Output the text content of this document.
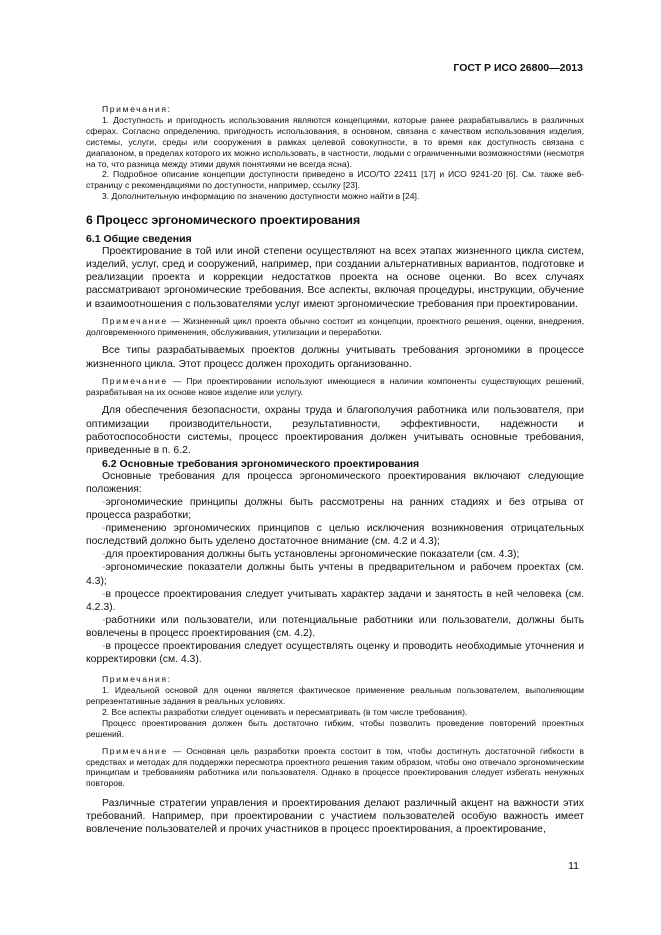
ГОСТ Р ИСО 26800—2013

Примечания:

1. Доступность и пригодность использования являются концепциями, которые ранее разрабатывались в различных сферах. Согласно определению, пригодность использования, в основном, связана с качеством использования изделия, системы, услуги, среды или сооружения в рамках целевой совокупности, в то время как доступность связана с диапазоном, в пределах которого их можно использовать, в частности, людьми с ограниченными возможностями (несмотря на то, что разница между этими двумя понятиями не всегда ясна).

2. Подробное описание концепции доступности приведено в ИСО/ТО 22411 [17] и ИСО 9241-20 [6]. См. также веб-страницу с рекомендациями по доступности, например, ссылку [23].

3. Дополнительную информацию по значению доступности можно найти в [24].

6 Процесс эргономического проектирования
6.1 Общие сведения

Проектирование в той или иной степени осуществляют на всех этапах жизненного цикла систем, изделий, услуг, сред и сооружений, например, при создании альтернативных вариантов, подготовке и реализации проекта и коррекции недостатков проекта на основе оценки. Во всех случаях рассматривают эргономические требования. Все аспекты, включая процедуры, инструкции, обучение и взаимоотношения с пользователями услуг имеют эргономические требования при проектировании.

Примечание — Жизненный цикл проекта обычно состоит из концепции, проектного решения, оценки, внедрения, долговременного применения, обслуживания, утилизации и переработки.

Все типы разрабатываемых проектов должны учитывать требования эргономики в процессе жизненного цикла. Этот процесс должен проходить организованно.

Примечание — При проектировании используют имеющиеся в наличии компоненты существующих решений, разрабатывая на их основе новое изделие или услугу.

Для обеспечения безопасности, охраны труда и благополучия работника или пользователя, при оптимизации производительности, результативности, эффективности, надежности и работоспособности системы, процесс проектирования должен учитывать основные требования, приведенные в п. 6.2.

6.2 Основные требования эргономического проектирования

Основные требования для процесса эргономического проектирования включают следующие положения:

-эргономические принципы должны быть рассмотрены на ранних стадиях и без отрыва от процесса разработки;

-применению эргономических принципов с целью исключения возникновения отрицательных последствий должно быть уделено достаточное внимание (см. 4.2 и 4.3);

-для проектирования должны быть установлены эргономические показатели (см. 4.3);

-эргономические показатели должны быть учтены в предварительном и рабочем проектах (см. 4.3);

-в процессе проектирования следует учитывать характер задачи и занятость в ней человека (см. 4.2.3).

-работники или пользователи, или потенциальные работники или пользователи, должны быть вовлечены в процесс проектирования (см. 4.2).

-в процессе проектирования следует осуществлять оценку и проводить необходимые уточнения и корректировки (см. 4.3).

Примечания:

1. Идеальной основой для оценки является фактическое применение реальным пользователем, выполняющим репрезентативные задания в реальных условиях.

2. Все аспекты разработки следует оценивать и пересматривать (в том числе требования).

Процесс проектирования должен быть достаточно гибким, чтобы позволить проведение повторений проектных решений.

Примечание — Основная цель разработки проекта состоит в том, чтобы достигнуть достаточной гибкости в средствах и методах для поддержки пересмотра проектного решения таким образом, чтобы оно отвечало эргономическим принципам и требованиям работника или пользователя. Однако в процессе проектирования следует избегать ненужных повторов.

Различные стратегии управления и проектирования делают различный акцент на важности этих требований. Например, при проектировании с участием пользователей особую важность имеет вовлечение пользователей и прочих участников в процесс проектирования, а проектирование,

11
